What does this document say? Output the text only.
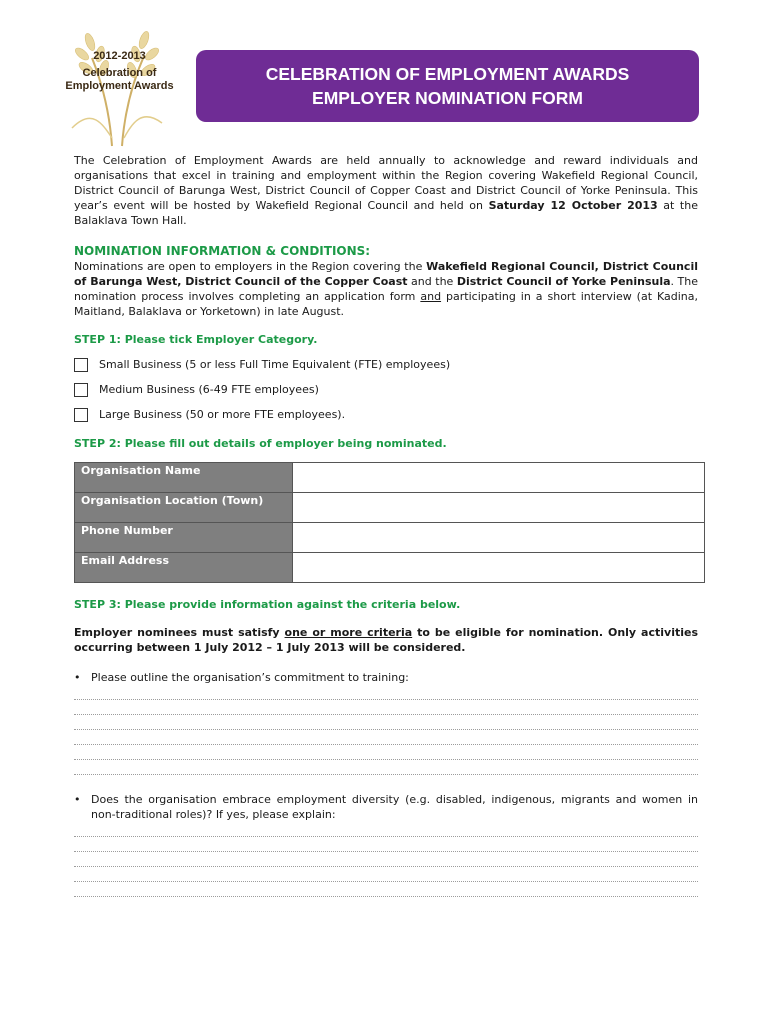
2012-2013
Celebration of
Employment Awards
CELEBRATION OF EMPLOYMENT AWARDS
EMPLOYER NOMINATION FORM

The Celebration of Employment Awards are held annually to acknowledge and reward individuals and organisations that excel in training and employment within the Region covering Wakefield Regional Council, District Council of Barunga West, District Council of Copper Coast and District Council of Yorke Peninsula. This year’s event will be hosted by Wakefield Regional Council and held on Saturday 12 October 2013 at the Balaklava Town Hall.

NOMINATION INFORMATION & CONDITIONS:

Nominations are open to employers in the Region covering the Wakefield Regional Council, District Council of Barunga West, District Council of the Copper Coast and the District Council of Yorke Peninsula. The nomination process involves completing an application form and participating in a short interview (at Kadina, Maitland, Balaklava or Yorketown) in late August.

STEP 1: Please tick Employer Category.
Small Business (5 or less Full Time Equivalent (FTE) employees)
Medium Business (6-49 FTE employees)
Large Business (50 or more FTE employees).
STEP 2: Please fill out details of employer being nominated.
Organisation Name	
Organisation Location (Town)	
Phone Number	
Email Address	
STEP 3: Please provide information against the criteria below.

Employer nominees must satisfy one or more criteria to be eligible for nomination. Only activities occurring between 1 July 2012 – 1 July 2013 will be considered.

• Please outline the organisation’s commitment to training:
• Does the organisation embrace employment diversity (e.g. disabled, indigenous, migrants and women in non-traditional roles)? If yes, please explain:
